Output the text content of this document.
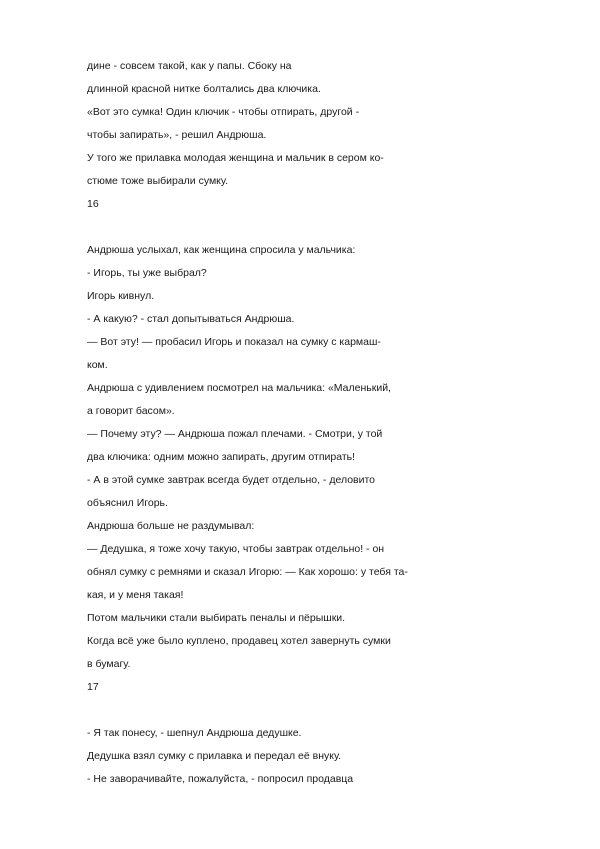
дине - совсем такой, как у папы. Сбоку на
длинной красной нитке болтались два ключика.
«Вот это сумка! Один ключик - чтобы отпирать, другой -
чтобы запирать», - решил Андрюша.
У того же прилавка молодая женщина и мальчик в сером ко-
стюме тоже выбирали сумку.
16
Андрюша услыхал, как женщина спросила у мальчика:
- Игорь, ты уже выбрал?
Игорь кивнул.
- А какую? - стал допытываться Андрюша.
— Вот эту! — пробасил Игорь и показал на сумку с кармаш-
ком.
Андрюша с удивлением посмотрел на мальчика: «Маленький,
а говорит басом».
— Почему эту? — Андрюша пожал плечами. - Смотри, у той
два ключика: одним можно запирать, другим отпирать!
- А в этой сумке завтрак всегда будет отдельно, - деловито
объяснил Игорь.
Андрюша больше не раздумывал:
— Дедушка, я тоже хочу такую, чтобы завтрак отдельно! - он
обнял сумку с ремнями и сказал Игорю: — Как хорошо: у тебя та-
кая, и у меня такая!
Потом мальчики стали выбирать пеналы и пёрышки.
Когда всё уже было куплено, продавец хотел завернуть сумки
в бумагу.
17
- Я так понесу, - шепнул Андрюша дедушке.
Дедушка взял сумку с прилавка и передал её внуку.
- Не заворачивайте, пожалуйста, - попросил продавца
